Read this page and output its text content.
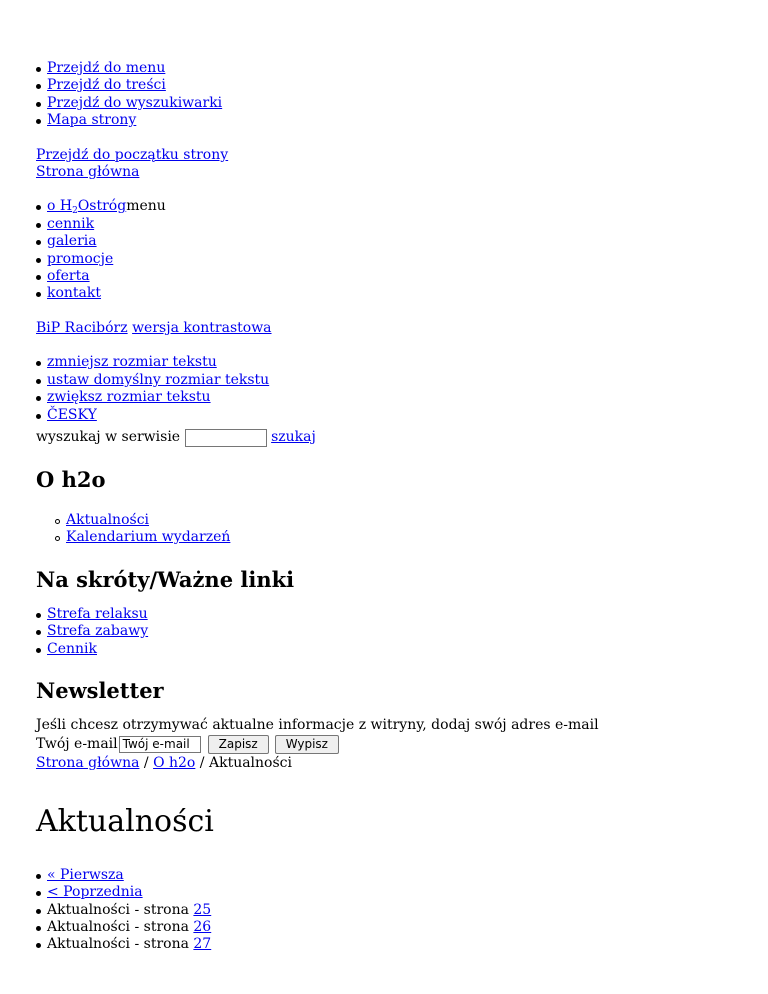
Przejdź do menu
Przejdź do treści
Przejdź do wyszukiwarki
Mapa strony
Przejdź do początku strony
Strona główna
o $H_2Ostrógmenu$
cennik
galeria
promocje
oferta
kontakt
BiP Racibórz wersja kontrastowa
zmniejsz rozmiar tekstu
ustaw domyślny rozmiar tekstu
zwiększ rozmiar tekstu
ČESKY
wyszukaj w serwisie	szukaj
O h2o
Aktualności
Kalendarium wydarzeń
Na skróty/Ważne linki
Strefa relaksu
Strefa zabawy
Cennik
Newsletter

Jeśli chcesz otrzymywać aktualne informacje z witryny, dodaj swój adres e-mail

Twój e-mail Twój e-mail	Zapisz	Wypisz
Strona główna / O h2o / Aktualności
Aktualności
« Pierwsza
< Poprzednia
Aktualności - strona 25
Aktualności - strona 26
Aktualności - strona 27
